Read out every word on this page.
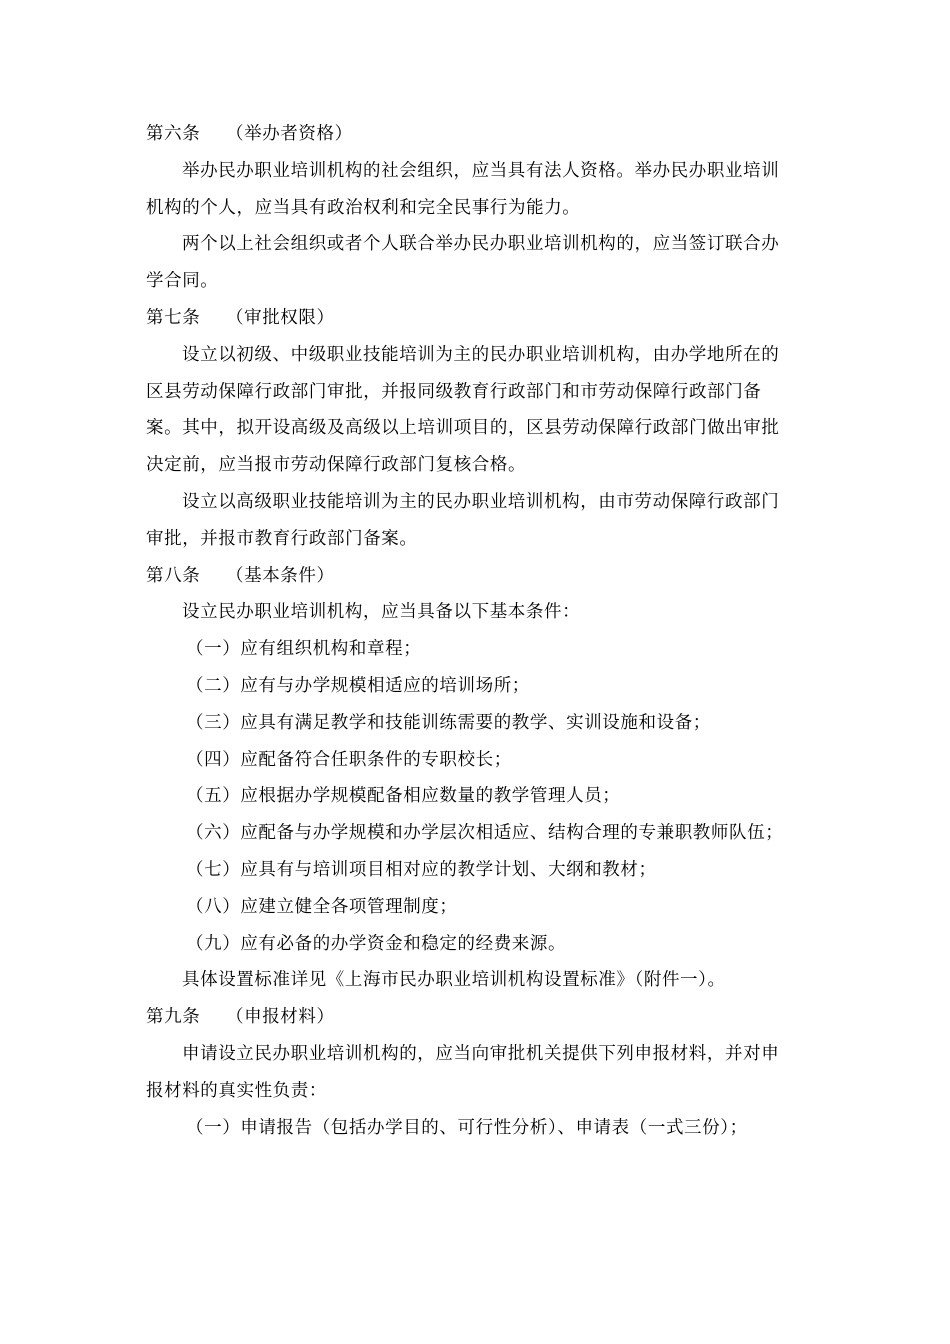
第六条 （举办者资格）
举办民办职业培训机构的社会组织，应当具有法人资格。举办民办职业培训
机构的个人，应当具有政治权利和完全民事行为能力。
两个以上社会组织或者个人联合举办民办职业培训机构的，应当签订联合办
学合同。
第七条 （审批权限）
设立以初级、中级职业技能培训为主的民办职业培训机构，由办学地所在的
区县劳动保障行政部门审批，并报同级教育行政部门和市劳动保障行政部门备
案。其中，拟开设高级及高级以上培训项目的，区县劳动保障行政部门做出审批
决定前，应当报市劳动保障行政部门复核合格。
设立以高级职业技能培训为主的民办职业培训机构，由市劳动保障行政部门
审批，并报市教育行政部门备案。
第八条 （基本条件）
设立民办职业培训机构，应当具备以下基本条件：
（一）应有组织机构和章程；
（二）应有与办学规模相适应的培训场所；
（三）应具有满足教学和技能训练需要的教学、实训设施和设备；
（四）应配备符合任职条件的专职校长；
（五）应根据办学规模配备相应数量的教学管理人员；
（六）应配备与办学规模和办学层次相适应、结构合理的专兼职教师队伍；
（七）应具有与培训项目相对应的教学计划、大纲和教材；
（八）应建立健全各项管理制度；
（九）应有必备的办学资金和稳定的经费来源。
具体设置标准详见《上海市民办职业培训机构设置标准》（附件一）。
第九条 （申报材料）
申请设立民办职业培训机构的，应当向审批机关提供下列申报材料，并对申
报材料的真实性负责：
（一）申请报告（包括办学目的、可行性分析）、申请表（一式三份）；
